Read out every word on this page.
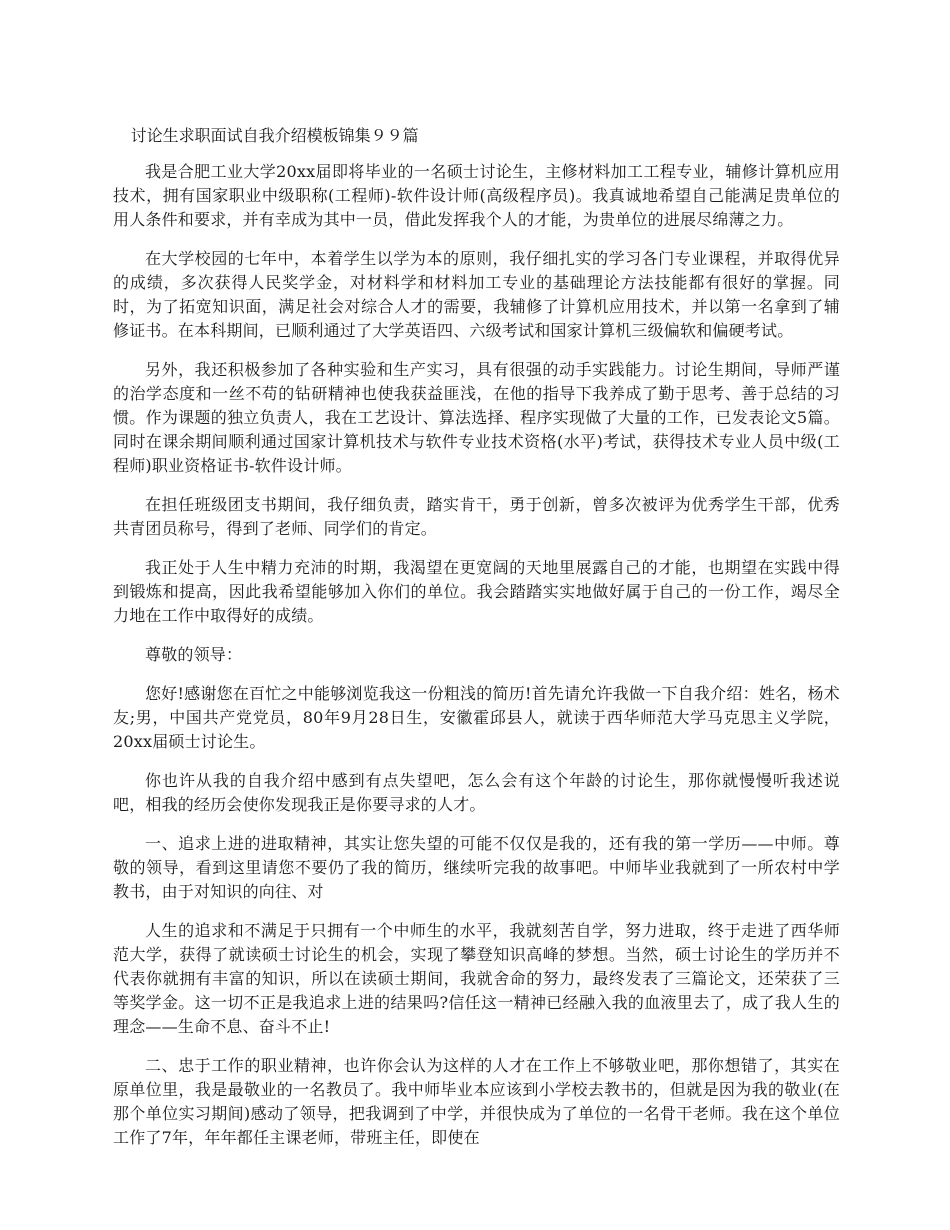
讨论生求职面试自我介绍模板锦集９９篇

我是合肥工业大学20xx届即将毕业的一名硕士讨论生，主修材料加工工程专业，辅修计算机应用技术，拥有国家职业中级职称(工程师)-软件设计师(高级程序员)。我真诚地希望自己能满足贵单位的用人条件和要求，并有幸成为其中一员，借此发挥我个人的才能，为贵单位的进展尽绵薄之力。

在大学校园的七年中，本着学生以学为本的原则，我仔细扎实的学习各门专业课程，并取得优异的成绩，多次获得人民奖学金，对材料学和材料加工专业的基础理论方法技能都有很好的掌握。同时，为了拓宽知识面，满足社会对综合人才的需要，我辅修了计算机应用技术，并以第一名拿到了辅修证书。在本科期间，已顺利通过了大学英语四、六级考试和国家计算机三级偏软和偏硬考试。

另外，我还积极参加了各种实验和生产实习，具有很强的动手实践能力。讨论生期间，导师严谨的治学态度和一丝不苟的钻研精神也使我获益匪浅，在他的指导下我养成了勤于思考、善于总结的习惯。作为课题的独立负责人，我在工艺设计、算法选择、程序实现做了大量的工作，已发表论文5篇。同时在课余期间顺利通过国家计算机技术与软件专业技术资格(水平)考试，获得技术专业人员中级(工程师)职业资格证书-软件设计师。

在担任班级团支书期间，我仔细负责，踏实肯干，勇于创新，曾多次被评为优秀学生干部，优秀共青团员称号，得到了老师、同学们的肯定。

我正处于人生中精力充沛的时期，我渴望在更宽阔的天地里展露自己的才能，也期望在实践中得到锻炼和提高，因此我希望能够加入你们的单位。我会踏踏实实地做好属于自己的一份工作，竭尽全力地在工作中取得好的成绩。

尊敬的领导：

您好!感谢您在百忙之中能够浏览我这一份粗浅的简历!首先请允许我做一下自我介绍：姓名，杨术友;男，中国共产党党员，80年9月28日生，安徽霍邱县人，就读于西华师范大学马克思主义学院，20xx届硕士讨论生。

你也许从我的自我介绍中感到有点失望吧，怎么会有这个年龄的讨论生，那你就慢慢听我述说吧，相我的经历会使你发现我正是你要寻求的人才。

一、追求上进的进取精神，其实让您失望的可能不仅仅是我的，还有我的第一学历——中师。尊敬的领导，看到这里请您不要仍了我的简历，继续听完我的故事吧。中师毕业我就到了一所农村中学教书，由于对知识的向往、对

人生的追求和不满足于只拥有一个中师生的水平，我就刻苦自学，努力进取，终于走进了西华师范大学，获得了就读硕士讨论生的机会，实现了攀登知识高峰的梦想。当然，硕士讨论生的学历并不代表你就拥有丰富的知识，所以在读硕士期间，我就舍命的努力，最终发表了三篇论文，还荣获了三等奖学金。这一切不正是我追求上进的结果吗?信任这一精神已经融入我的血液里去了，成了我人生的理念——生命不息、奋斗不止!

二、忠于工作的职业精神，也许你会认为这样的人才在工作上不够敬业吧，那你想错了，其实在原单位里，我是最敬业的一名教员了。我中师毕业本应该到小学校去教书的，但就是因为我的敬业(在那个单位实习期间)感动了领导，把我调到了中学，并很快成为了单位的一名骨干老师。我在这个单位工作了7年，年年都任主课老师，带班主任，即使在
